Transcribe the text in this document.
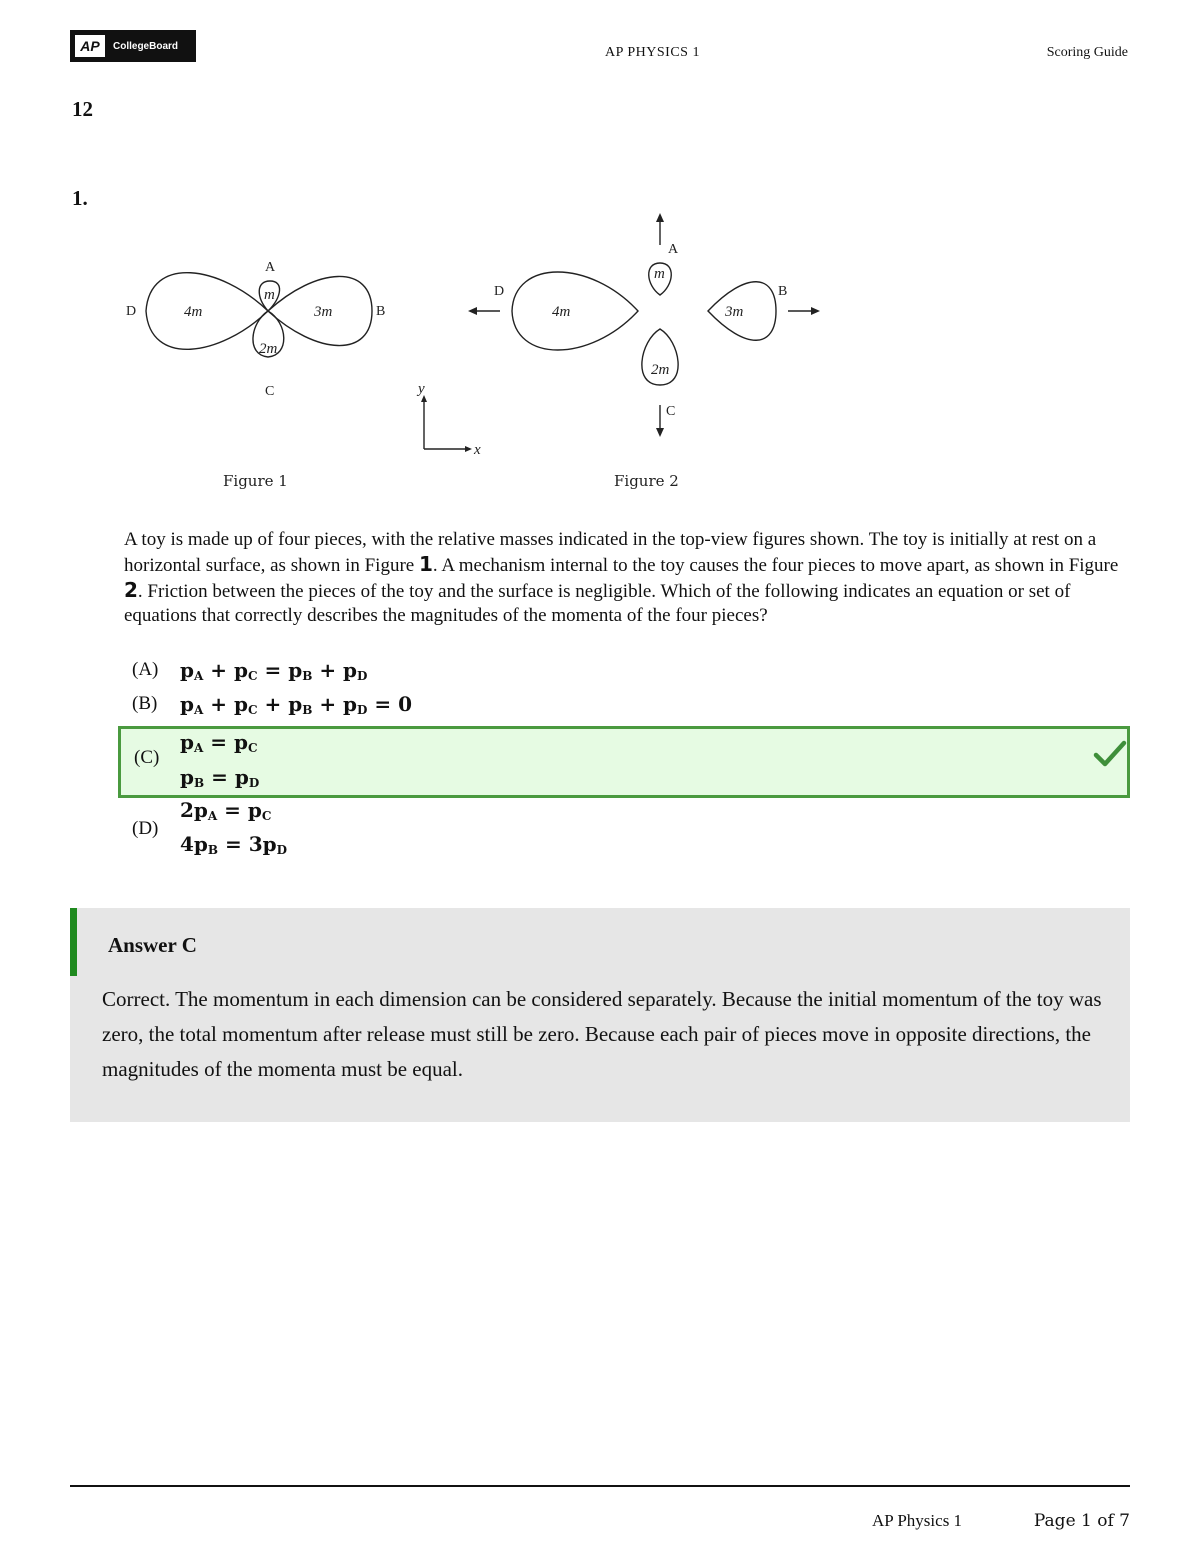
AP	CollegeBoard	AP PHYSICS 1	Scoring Guide
12
1.
A
B
C
D
m
4m	3m
2m
A
B
C
D
m
4m	3m
2m
y
x
Figure 1	Figure 2
A toy is made up of four pieces, with the relative masses indicated in the top-view figures shown. The toy is initially at rest on a horizontal surface, as shown in Figure 1. A mechanism internal to the toy causes the four pieces to move apart, as shown in Figure 2. Friction between the pieces of the toy and the surface is negligible. Which of the following indicates an equation or set of equations that correctly describes the magnitudes of the momenta of the four pieces?
(A) $p_A + p_C = p_B + p_D$
(B) $p_A + p_C + p_B + p_D = 0$
(C)
$p_A = p_C$
$p_B = p_D$
(D)
$2p_A = p_C$
$4p_B = 3p_D$
Answer C
Correct. The momentum in each dimension can be considered separately. Because the initial momentum of the toy was zero, the total momentum after release must still be zero. Because each pair of pieces move in opposite directions, the magnitudes of the momenta must be equal.
AP Physics 1	Page 1 of 7
